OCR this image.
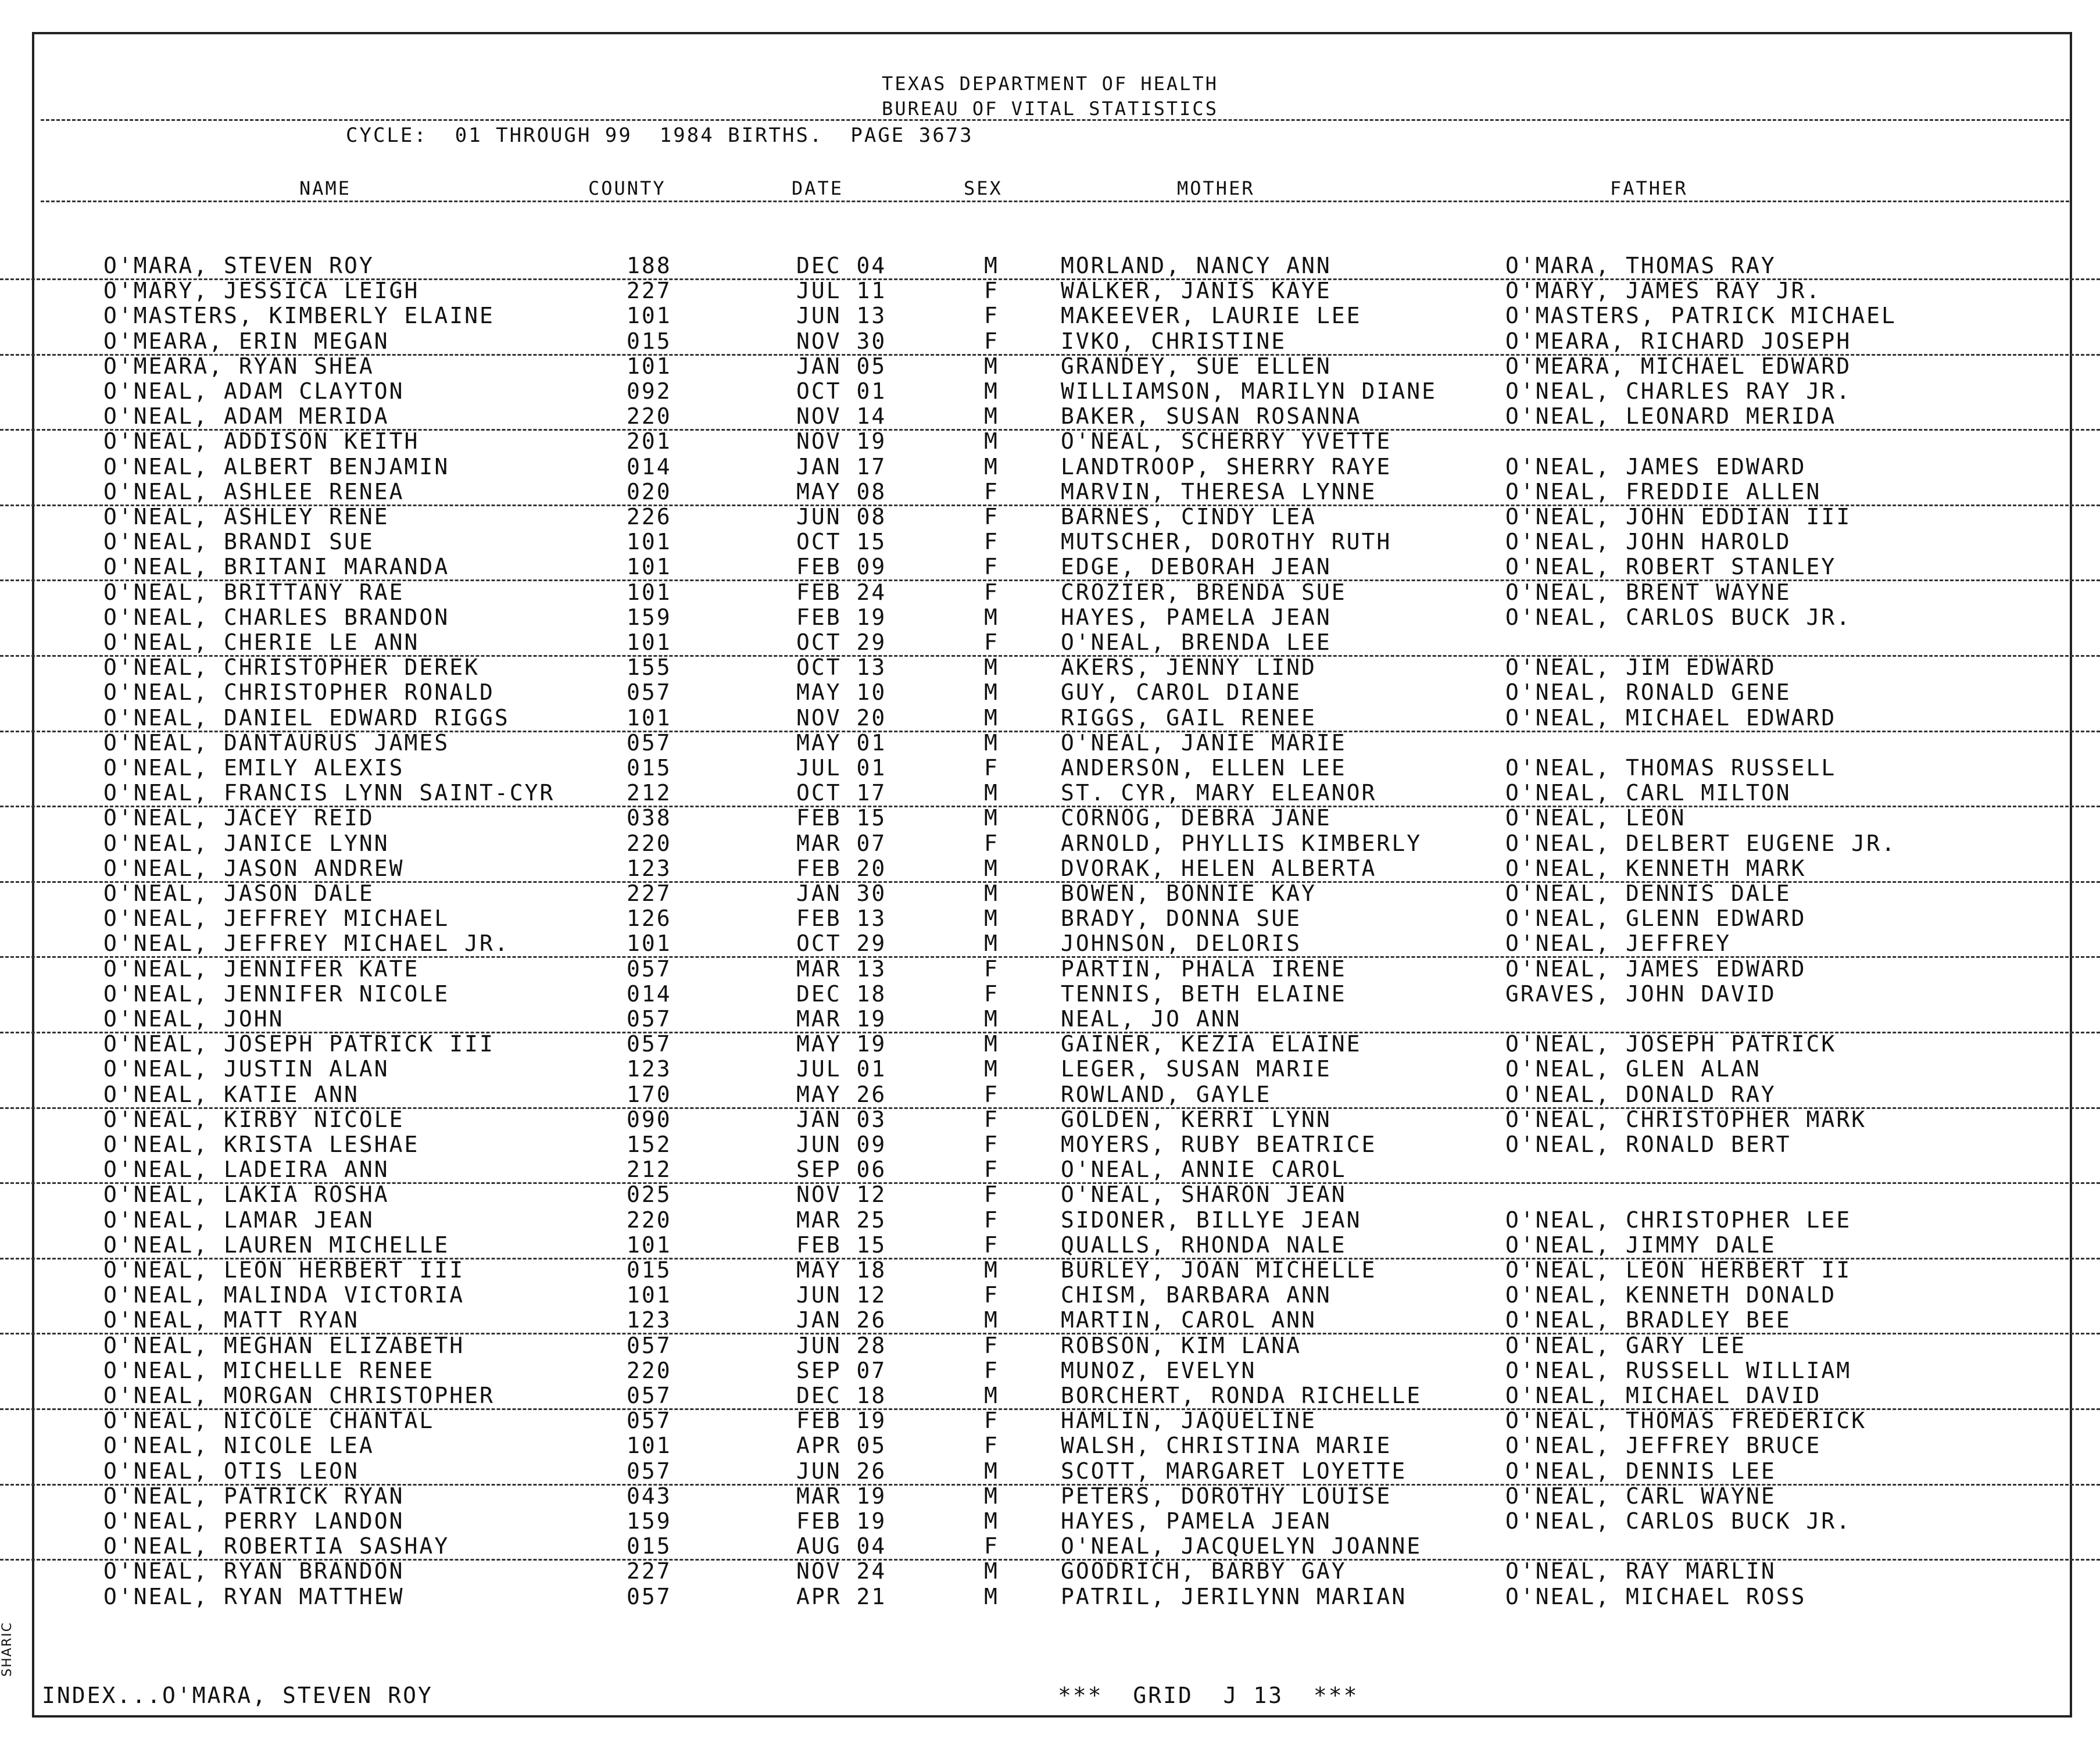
TEXAS DEPARTMENT OF HEALTH
BUREAU OF VITAL STATISTICS
CYCLE:  01 THROUGH 99  1984 BIRTHS.  PAGE 3673
NAME	COUNTY	DATE	SEX	MOTHER	FATHER
O'MARA, STEVEN ROY	188	DEC 04	M	MORLAND, NANCY ANN	O'MARA, THOMAS RAY
O'MARY, JESSICA LEIGH	227	JUL 11	F	WALKER, JANIS KAYE	O'MARY, JAMES RAY JR.
O'MASTERS, KIMBERLY ELAINE	101	JUN 13	F	MAKEEVER, LAURIE LEE	O'MASTERS, PATRICK MICHAEL
O'MEARA, ERIN MEGAN	015	NOV 30	F	IVKO, CHRISTINE	O'MEARA, RICHARD JOSEPH
O'MEARA, RYAN SHEA	101	JAN 05	M	GRANDEY, SUE ELLEN	O'MEARA, MICHAEL EDWARD
O'NEAL, ADAM CLAYTON	092	OCT 01	M	WILLIAMSON, MARILYN DIANE	O'NEAL, CHARLES RAY JR.
O'NEAL, ADAM MERIDA	220	NOV 14	M	BAKER, SUSAN ROSANNA	O'NEAL, LEONARD MERIDA
O'NEAL, ADDISON KEITH	201	NOV 19	M	O'NEAL, SCHERRY YVETTE
O'NEAL, ALBERT BENJAMIN	014	JAN 17	M	LANDTROOP, SHERRY RAYE	O'NEAL, JAMES EDWARD
O'NEAL, ASHLEE RENEA	020	MAY 08	F	MARVIN, THERESA LYNNE	O'NEAL, FREDDIE ALLEN
O'NEAL, ASHLEY RENE	226	JUN 08	F	BARNES, CINDY LEA	O'NEAL, JOHN EDDIAN III
O'NEAL, BRANDI SUE	101	OCT 15	F	MUTSCHER, DOROTHY RUTH	O'NEAL, JOHN HAROLD
O'NEAL, BRITANI MARANDA	101	FEB 09	F	EDGE, DEBORAH JEAN	O'NEAL, ROBERT STANLEY
O'NEAL, BRITTANY RAE	101	FEB 24	F	CROZIER, BRENDA SUE	O'NEAL, BRENT WAYNE
O'NEAL, CHARLES BRANDON	159	FEB 19	M	HAYES, PAMELA JEAN	O'NEAL, CARLOS BUCK JR.
O'NEAL, CHERIE LE ANN	101	OCT 29	F	O'NEAL, BRENDA LEE
O'NEAL, CHRISTOPHER DEREK	155	OCT 13	M	AKERS, JENNY LIND	O'NEAL, JIM EDWARD
O'NEAL, CHRISTOPHER RONALD	057	MAY 10	M	GUY, CAROL DIANE	O'NEAL, RONALD GENE
O'NEAL, DANIEL EDWARD RIGGS	101	NOV 20	M	RIGGS, GAIL RENEE	O'NEAL, MICHAEL EDWARD
O'NEAL, DANTAURUS JAMES	057	MAY 01	M	O'NEAL, JANIE MARIE
O'NEAL, EMILY ALEXIS	015	JUL 01	F	ANDERSON, ELLEN LEE	O'NEAL, THOMAS RUSSELL
O'NEAL, FRANCIS LYNN SAINT-CYR	212	OCT 17	M	ST. CYR, MARY ELEANOR	O'NEAL, CARL MILTON
O'NEAL, JACEY REID	038	FEB 15	M	CORNOG, DEBRA JANE	O'NEAL, LEON
O'NEAL, JANICE LYNN	220	MAR 07	F	ARNOLD, PHYLLIS KIMBERLY	O'NEAL, DELBERT EUGENE JR.
O'NEAL, JASON ANDREW	123	FEB 20	M	DVORAK, HELEN ALBERTA	O'NEAL, KENNETH MARK
O'NEAL, JASON DALE	227	JAN 30	M	BOWEN, BONNIE KAY	O'NEAL, DENNIS DALE
O'NEAL, JEFFREY MICHAEL	126	FEB 13	M	BRADY, DONNA SUE	O'NEAL, GLENN EDWARD
O'NEAL, JEFFREY MICHAEL JR.	101	OCT 29	M	JOHNSON, DELORIS	O'NEAL, JEFFREY
O'NEAL, JENNIFER KATE	057	MAR 13	F	PARTIN, PHALA IRENE	O'NEAL, JAMES EDWARD
O'NEAL, JENNIFER NICOLE	014	DEC 18	F	TENNIS, BETH ELAINE	GRAVES, JOHN DAVID
O'NEAL, JOHN	057	MAR 19	M	NEAL, JO ANN
O'NEAL, JOSEPH PATRICK III	057	MAY 19	M	GAINER, KEZIA ELAINE	O'NEAL, JOSEPH PATRICK
O'NEAL, JUSTIN ALAN	123	JUL 01	M	LEGER, SUSAN MARIE	O'NEAL, GLEN ALAN
O'NEAL, KATIE ANN	170	MAY 26	F	ROWLAND, GAYLE	O'NEAL, DONALD RAY
O'NEAL, KIRBY NICOLE	090	JAN 03	F	GOLDEN, KERRI LYNN	O'NEAL, CHRISTOPHER MARK
O'NEAL, KRISTA LESHAE	152	JUN 09	F	MOYERS, RUBY BEATRICE	O'NEAL, RONALD BERT
O'NEAL, LADEIRA ANN	212	SEP 06	F	O'NEAL, ANNIE CAROL
O'NEAL, LAKIA ROSHA	025	NOV 12	F	O'NEAL, SHARON JEAN
O'NEAL, LAMAR JEAN	220	MAR 25	F	SIDONER, BILLYE JEAN	O'NEAL, CHRISTOPHER LEE
O'NEAL, LAUREN MICHELLE	101	FEB 15	F	QUALLS, RHONDA NALE	O'NEAL, JIMMY DALE
O'NEAL, LEON HERBERT III	015	MAY 18	M	BURLEY, JOAN MICHELLE	O'NEAL, LEON HERBERT II
O'NEAL, MALINDA VICTORIA	101	JUN 12	F	CHISM, BARBARA ANN	O'NEAL, KENNETH DONALD
O'NEAL, MATT RYAN	123	JAN 26	M	MARTIN, CAROL ANN	O'NEAL, BRADLEY BEE
O'NEAL, MEGHAN ELIZABETH	057	JUN 28	F	ROBSON, KIM LANA	O'NEAL, GARY LEE
O'NEAL, MICHELLE RENEE	220	SEP 07	F	MUNOZ, EVELYN	O'NEAL, RUSSELL WILLIAM
O'NEAL, MORGAN CHRISTOPHER	057	DEC 18	M	BORCHERT, RONDA RICHELLE	O'NEAL, MICHAEL DAVID
O'NEAL, NICOLE CHANTAL	057	FEB 19	F	HAMLIN, JAQUELINE	O'NEAL, THOMAS FREDERICK
O'NEAL, NICOLE LEA	101	APR 05	F	WALSH, CHRISTINA MARIE	O'NEAL, JEFFREY BRUCE
O'NEAL, OTIS LEON	057	JUN 26	M	SCOTT, MARGARET LOYETTE	O'NEAL, DENNIS LEE
O'NEAL, PATRICK RYAN	043	MAR 19	M	PETERS, DOROTHY LOUISE	O'NEAL, CARL WAYNE
O'NEAL, PERRY LANDON	159	FEB 19	M	HAYES, PAMELA JEAN	O'NEAL, CARLOS BUCK JR.
O'NEAL, ROBERTIA SASHAY	015	AUG 04	F	O'NEAL, JACQUELYN JOANNE
O'NEAL, RYAN BRANDON	227	NOV 24	M	GOODRICH, BARBY GAY	O'NEAL, RAY MARLIN
O'NEAL, RYAN MATTHEW	057	APR 21	M	PATRIL, JERILYNN MARIAN	O'NEAL, MICHAEL ROSS
INDEX...O'MARA, STEVEN ROY	***  GRID  J 13  ***
SHARIC
